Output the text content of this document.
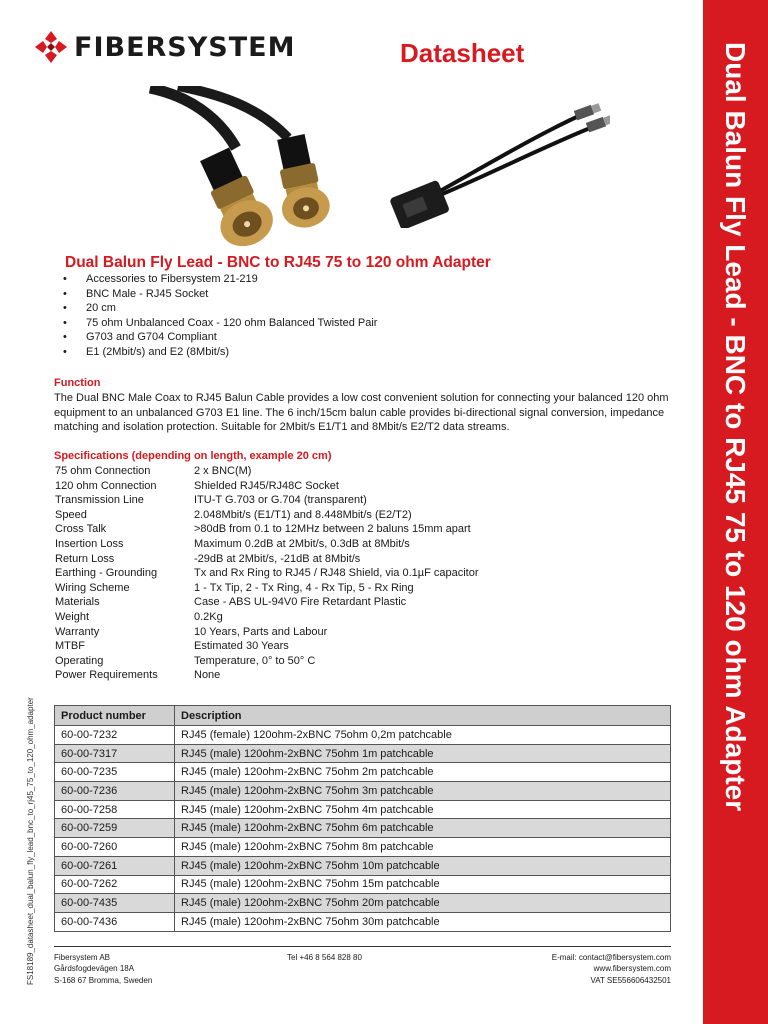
FIBERSYSTEM	Datasheet	Dual Balun Fly Lead - BNC to RJ45 75 to 120 ohm Adapter
Dual Balun Fly Lead - BNC to RJ45 75 to 120 ohm Adapter
• Accessories to Fibersystem 21-219
• BNC Male - RJ45 Socket
• 20 cm
• 75 ohm Unbalanced Coax - 120 ohm Balanced Twisted Pair
• G703 and G704 Compliant
• E1 (2Mbit/s) and E2 (8Mbit/s)
Function
The Dual BNC Male Coax to RJ45 Balun Cable provides a low cost convenient solution for connecting your balanced 120 ohm equipment to an unbalanced G703 E1 line. The 6 inch/15cm balun cable provides bi-directional signal conversion, impedance matching and isolation protection. Suitable for 2Mbit/s E1/T1 and 8Mbit/s E2/T2 data streams.
Specifications (depending on length, example 20 cm)
75 ohm Connection	2 x BNC(M)
120 ohm Connection	Shielded RJ45/RJ48C Socket
Transmission Line	ITU-T G.703 or G.704 (transparent)
Speed	2.048Mbit/s (E1/T1) and 8.448Mbit/s (E2/T2)
Cross Talk	>80dB from 0.1 to 12MHz between 2 baluns 15mm apart
Insertion Loss	Maximum 0.2dB at 2Mbit/s, 0.3dB at 8Mbit/s
Return Loss	-29dB at 2Mbit/s, -21dB at 8Mbit/s
Earthing - Grounding	Tx and Rx Ring to RJ45 / RJ48 Shield, via 0.1µF capacitor
Wiring Scheme	1 - Tx Tip, 2 - Tx Ring, 4 - Rx Tip, 5 - Rx Ring
Materials	Case - ABS UL-94V0 Fire Retardant Plastic
Weight	0.2Kg
Warranty	10 Years, Parts and Labour
MTBF	Estimated 30 Years
Operating	Temperature, 0° to 50° C
Power Requirements	None
Product number	Description
60-00-7232	RJ45 (female) 120ohm-2xBNC 75ohm 0,2m patchcable
60-00-7317	RJ45 (male) 120ohm-2xBNC 75ohm 1m patchcable
60-00-7235	RJ45 (male) 120ohm-2xBNC 75ohm 2m patchcable
60-00-7236	RJ45 (male) 120ohm-2xBNC 75ohm 3m patchcable
60-00-7258	RJ45 (male) 120ohm-2xBNC 75ohm 4m patchcable
60-00-7259	RJ45 (male) 120ohm-2xBNC 75ohm 6m patchcable
60-00-7260	RJ45 (male) 120ohm-2xBNC 75ohm 8m patchcable
60-00-7261	RJ45 (male) 120ohm-2xBNC 75ohm 10m patchcable
60-00-7262	RJ45 (male) 120ohm-2xBNC 75ohm 15m patchcable
60-00-7435	RJ45 (male) 120ohm-2xBNC 75ohm 20m patchcable
60-00-7436	RJ45 (male) 120ohm-2xBNC 75ohm 30m patchcable
Fibersystem AB
Gårdsfogdevägen 18A
S-168 67 Bromma, Sweden
Tel +46 8 564 828 80	E-mail: contact@fibersystem.com
www.fibersystem.com
VAT SE556606432501
FS18189_datasheet_dual_balun_fly_lead_bnc_to_rj45_75_to_120_ohm_adapter
